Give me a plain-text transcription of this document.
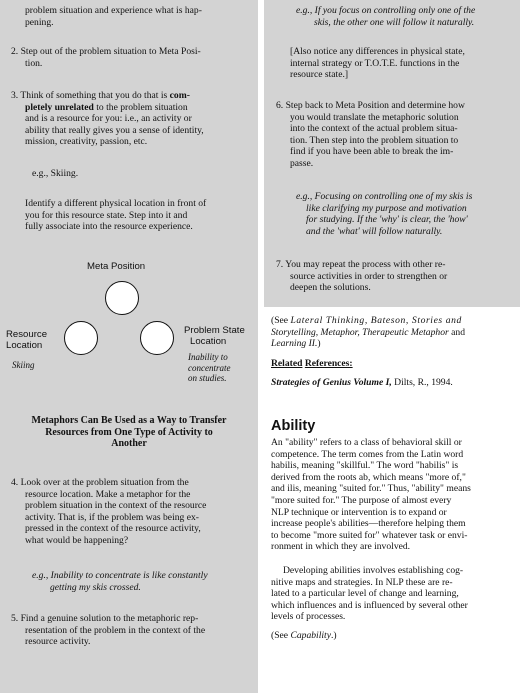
problem situation and experience what is hap-

pening.

2. Step out of the problem situation to Meta Posi-

tion.

3. Think of something that you do that is com-

pletely unrelated to the problem situation

and is a resource for you: i.e., an activity or

ability that really gives you a sense of identity,

mission, creativity, passion, etc.

e.g., Skiing.

Identify a different physical location in front of

you for this resource state. Step into it and

fully associate into the resource experience.

Meta Position
Resource
Location
Skiing
Problem State
Location
Inability to
concentrate
on studies.
Metaphors Can Be Used as a Way to Transfer
Resources from One Type of Activity to
Another

4. Look over at the problem situation from the

resource location. Make a metaphor for the

problem situation in the context of the resource

activity. That is, if the problem was being ex-

pressed in the context of the resource activity,

what would be happening?

e.g., Inability to concentrate is like constantly

getting my skis crossed.

5. Find a genuine solution to the metaphoric rep-

resentation of the problem in the context of the

resource activity.

e.g., If you focus on controlling only one of the

skis, the other one will follow it naturally.

[Also notice any differences in physical state,

internal strategy or T.O.T.E. functions in the

resource state.]

6. Step back to Meta Position and determine how

you would translate the metaphoric solution

into the context of the actual problem situa-

tion. Then step into the problem situation to

find if you have been able to break the im-

passe.

e.g., Focusing on controlling one of my skis is

like clarifying my purpose and motivation

for studying. If the 'why' is clear, the 'how'

and the 'what' will follow naturally.

7. You may repeat the process with other re-

source activities in order to strengthen or

deepen the solutions.

(See Lateral Thinking, Bateson, Stories and

Storytelling, Metaphor, Therapeutic Metaphor and

Learning II.)

Related References:

Strategies of Genius Volume I, Dilts, R., 1994.

Ability

An "ability" refers to a class of behavioral skill or

competence. The term comes from the Latin word

habilis, meaning "skillful." The word "habilis" is

derived from the roots ab, which means "more of,"

and ilis, meaning "suited for." Thus, "ability" means

"more suited for." The purpose of almost every

NLP technique or intervention is to expand or

increase people's abilities—therefore helping them

to become "more suited for" whatever task or envi-

ronment in which they are involved.

Developing abilities involves establishing cog-

nitive maps and strategies. In NLP these are re-

lated to a particular level of change and learning,

which influences and is influenced by several other

levels of processes.

(See Capability.)
